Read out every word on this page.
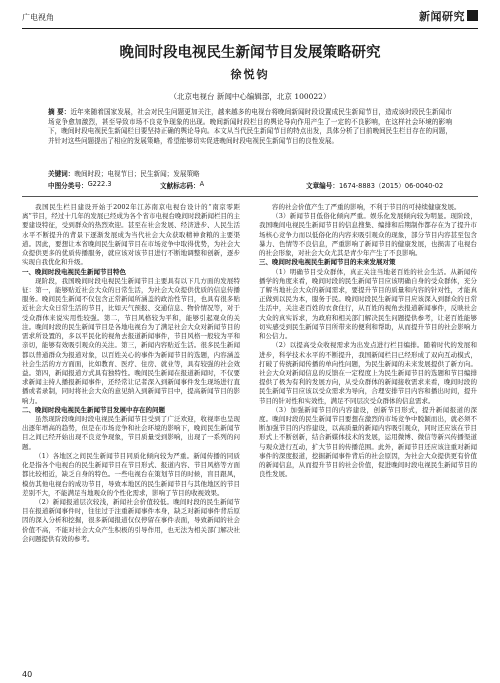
广电视角	新闻研究
晚间时段电视民生新闻节目发展策略研究
徐悦钧
（北京电视台 新闻中心编辑部，北京 100022）
摘 要：近年来随着国家发展，社会对民生问题更加关注，越来越多的电视台将晚间新闻时段设置成民生新闻节目，造成该时段民生新闻市场竞争愈加激烈，甚至导致市场不良竞争现象的出现。晚间新闻时段栏目的舆论导向作用产生了一定的不良影响，在这样社会环境的影响下，晚间时段电视民生新闻栏目要坚持正确的舆论导向。本文从当代民生新闻节目的特点出发，具体分析了目前晚间民生栏目存在的问题，并针对这些问题提出了相应的发展策略，希望能够切实促进晚间时段电视民生新闻节目的良性发展。
关键词：晚间时段；电视节目；民生新闻；发展策略
中图分类号： G222.3	文献标志码： A	文章编号： 1674-8883（2015）06-0040-02

我国民生栏目建设开始于2002年江苏南京电视台设计的“南京零距离”节目，经过十几年的发展已经成为各个省市电视台晚间时段新闻栏目的主要建设特征，受到群众的热烈欢迎。甚至在社会发展、经济进步、人民生活水平不断提升的背景下逐渐发展成为当代社会大众获取精神食粮的主要渠道。因此，要想让本省晚间民生新闻节目在市场竞争中取得优势，为社会大众提供更多的优质传播服务，就应该对该节目进行不断地调整和创新，逐步实现自我优化和升级。

一、晚间时段电视民生新闻节目特色

现阶段，我国晚间时段电视民生新闻节目主要具有以下几方面的发展特征：第一，能够贴近社会大众的日常生活，为社会大众提供优质的信息传播服务。晚间民生新闻不仅包含正常新闻所涵盖的政治性节目，也具有很多贴近社会大众日常生活的节目，比如天气预报、交通信息、物价情况等，对于受众群体来说实用性较强。第二，节目风格较为平和，能够引起观众的关注。晚间时段的民生新闻节目是各地电视台为了满足社会大众对新闻节目的需求所设置的，多以平民化的视角去报道新闻事件，节目风格一般较为平和亲切，能够有效吸引观众的关注。第三，新闻内容贴近生活。很多民生新闻都以普通群众为报道对象，以百姓关心的事件为新闻节目的选题，内容涵盖社会生活的方方面面，比如教育、医疗、住房、就业等，具有较强的社会效益。第四，新闻报道方式具有独特性。晚间民生新闻在报道新闻时，不仅要求新闻主持人播报新闻事件，还经常让记者深入到新闻事件发生现场进行直播或者录制，同时将社会大众的意见纳入到新闻节目中，提高新闻节目的影响力。

二、晚间时段电视民生新闻节目发展中存在的问题

虽然现阶段晚间时段电视民生新闻节目受到了广泛欢迎，收视率也呈现出逐年增高的趋势，但是在市场竞争和社会环境的影响下，晚间民生新闻节目之间已经开始出现不良竞争现象，节目质量受到影响，出现了一系列的问题。

（1）各地区之间民生新闻节目同质化倾向较为严重。新闻传播的同质化是指各个电视台的民生新闻节目在节目形式、报道内容、节目风格等方面都比较相近，缺乏自身的特色。一些电视台在策划节目的时候，盲目跟风，模仿其他电视台的成功节目，导致本地区的民生新闻节目与其他地区的节目差别不大，不能满足当地观众的个性化需求，影响了节目的收视效果。

（2）新闻报道层次较浅，新闻社会价值较低。晚间时段的民生新闻节目在报道新闻事件时，往往过于注重新闻事件本身，缺乏对新闻事件背后原因的深入分析和挖掘，很多新闻报道仅仅停留在事件表面，导致新闻的社会价值不高，不能对社会大众产生积极的引导作用，也无法为相关部门解决社会问题提供有效的参考。

容的社会价值产生了严重的影响，不利于节目的可持续健康发展。

（3）新闻节目低俗化倾向严重。娱乐化发展倾向较为明显。现阶段，我国晚间电视民生新闻节目的信息搜集、编排和后期制作都存在为了提升市场核心竞争力而以低俗化的内容来吸引观众的现象，部分节目内容甚至包含暴力、色情等不良信息，严重影响了新闻节目的健康发展，也损害了电视台的社会形象，对社会大众尤其是青少年产生了不良影响。

三、晚间时段电视民生新闻节目的未来发展对策

（1）明确节目受众群体，真正关注当地老百姓的社会生活。从新闻传播学的角度来看，晚间时段的民生新闻节目应该明确自身的受众群体，充分了解当地社会大众的新闻需求，要提升节目的质量和内容的针对性，才能真正做到以民为本，服务于民。晚间时段民生新闻节目应该深入到群众的日常生活中，关注老百姓的衣食住行，从百姓的视角去报道新闻事件，反映社会大众的真实诉求，为政府和相关部门解决民生问题提供参考，让老百姓能够切实感受到民生新闻节目所带来的便利和帮助，从而提升节目的社会影响力和公信力。

（2）以提高受众收视需求为出发点进行栏目编排。随着时代的发展和进步，科学技术水平的不断提升，我国新闻栏目已经形成了双向互动模式，打破了传统新闻传播的单向性问题，为民生新闻的未来发展提供了新方向。社会大众对新闻信息的反馈在一定程度上为民生新闻节目的选题和节目编排提供了极为有利的发展方向，从受众群体的新闻接收需求来看，晚间时段的民生新闻节目应该以受众需求为导向，合理安排节目内容和播出时间，提升节目的针对性和实效性，满足不同层次受众群体的信息需求。

（3）加强新闻节目的内容建设，创新节目形式，提升新闻报道的深度。晚间时段的民生新闻节目要想在激烈的市场竞争中脱颖而出，就必须不断加强节目的内容建设，以高质量的新闻内容吸引观众，同时还应该在节目形式上不断创新，结合新媒体技术的发展，运用微博、微信等新兴传播渠道与观众进行互动，扩大节目的传播范围。此外，新闻节目还应该注重对新闻事件的深度报道，挖掘新闻事件背后的社会原因，为社会大众提供更有价值的新闻信息，从而提升节目的社会价值，促进晚间时段电视民生新闻节目的良性发展。

40
